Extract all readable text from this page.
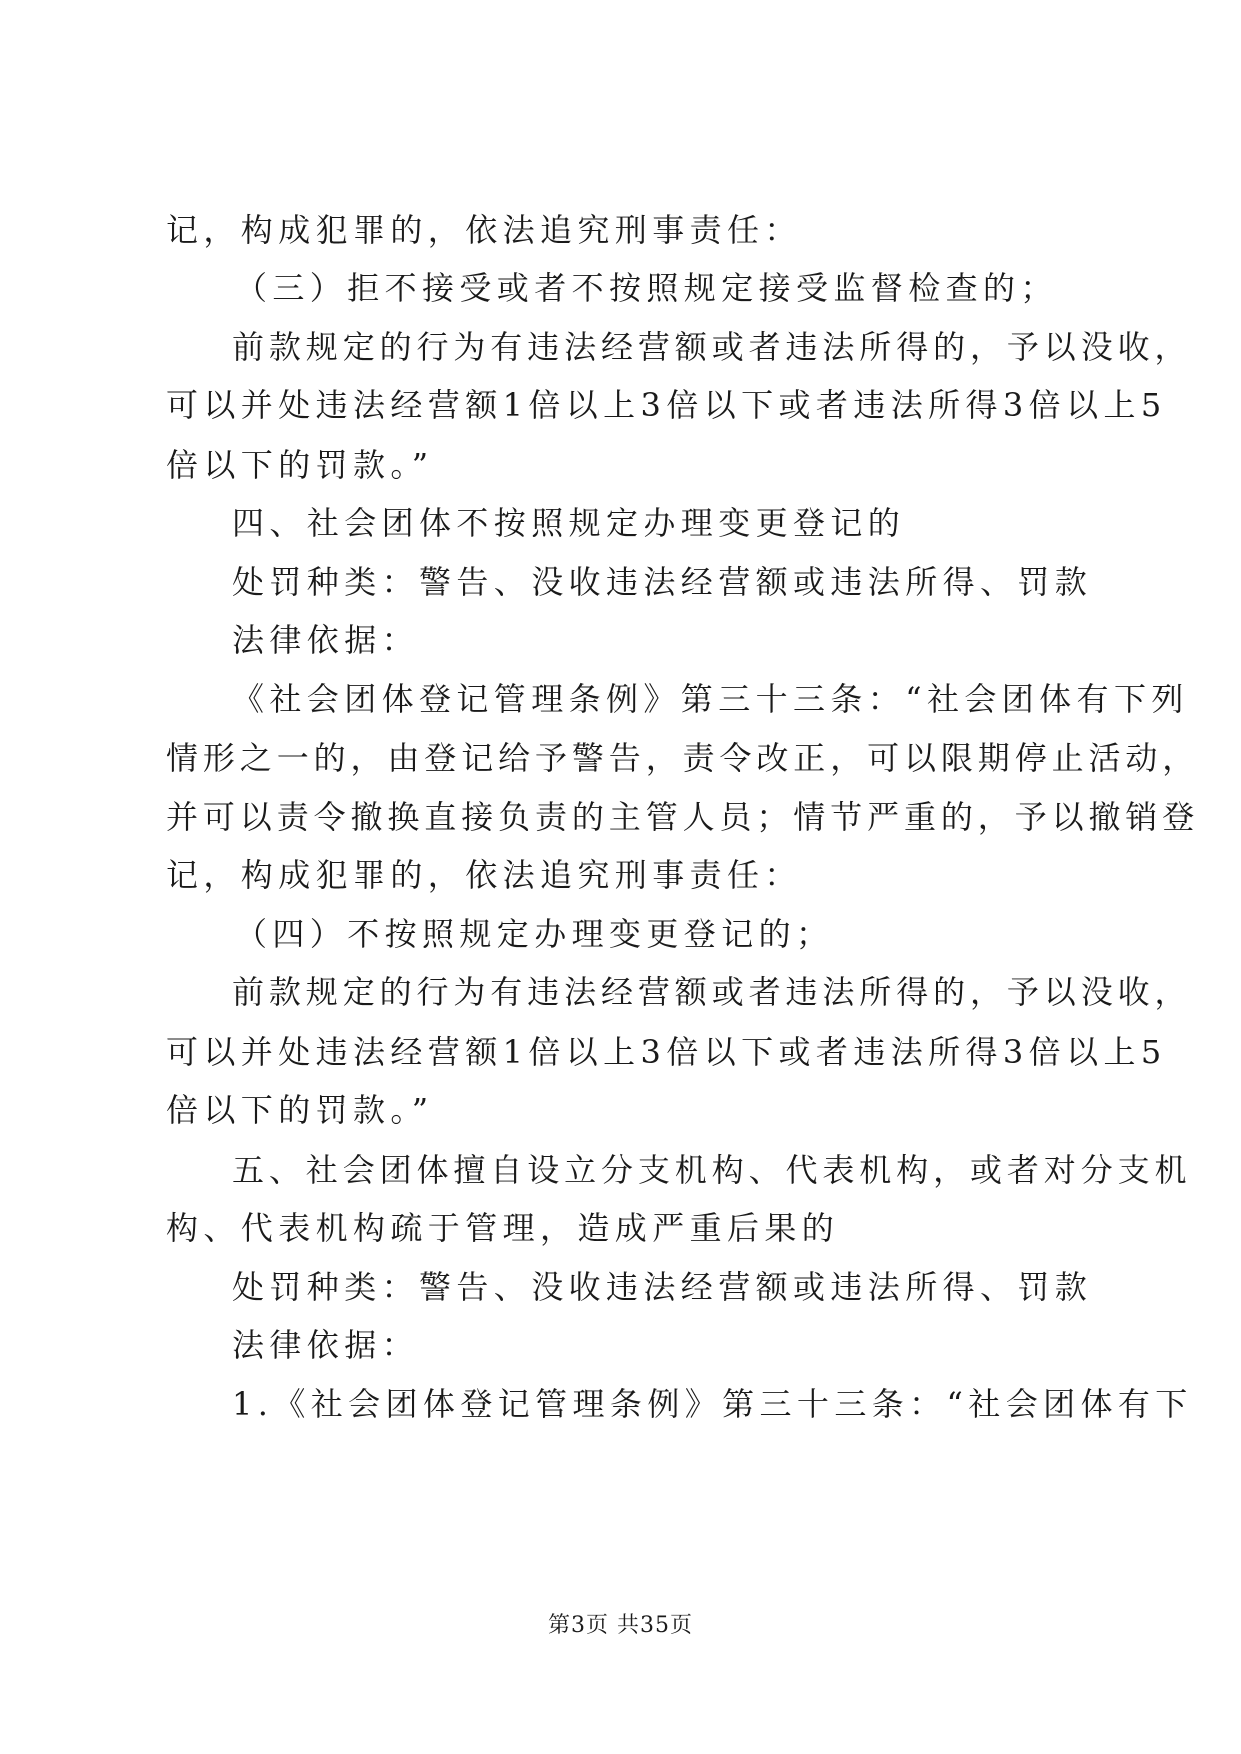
记，构成犯罪的，依法追究刑事责任：
（三）拒不接受或者不按照规定接受监督检查的；
前款规定的行为有违法经营额或者违法所得的，予以没收，
可以并处违法经营额1倍以上3倍以下或者违法所得3倍以上5
倍以下的罚款。”
四、社会团体不按照规定办理变更登记的
处罚种类：警告、没收违法经营额或违法所得、罚款
法律依据：
《社会团体登记管理条例》第三十三条：“社会团体有下列
情形之一的，由登记给予警告，责令改正，可以限期停止活动，
并可以责令撤换直接负责的主管人员；情节严重的，予以撤销登
记，构成犯罪的，依法追究刑事责任：
（四）不按照规定办理变更登记的；
前款规定的行为有违法经营额或者违法所得的，予以没收，
可以并处违法经营额1倍以上3倍以下或者违法所得3倍以上5
倍以下的罚款。”
五、社会团体擅自设立分支机构、代表机构，或者对分支机
构、代表机构疏于管理，造成严重后果的
处罚种类：警告、没收违法经营额或违法所得、罚款
法律依据：
1.《社会团体登记管理条例》第三十三条：“社会团体有下
第3页 共35页
